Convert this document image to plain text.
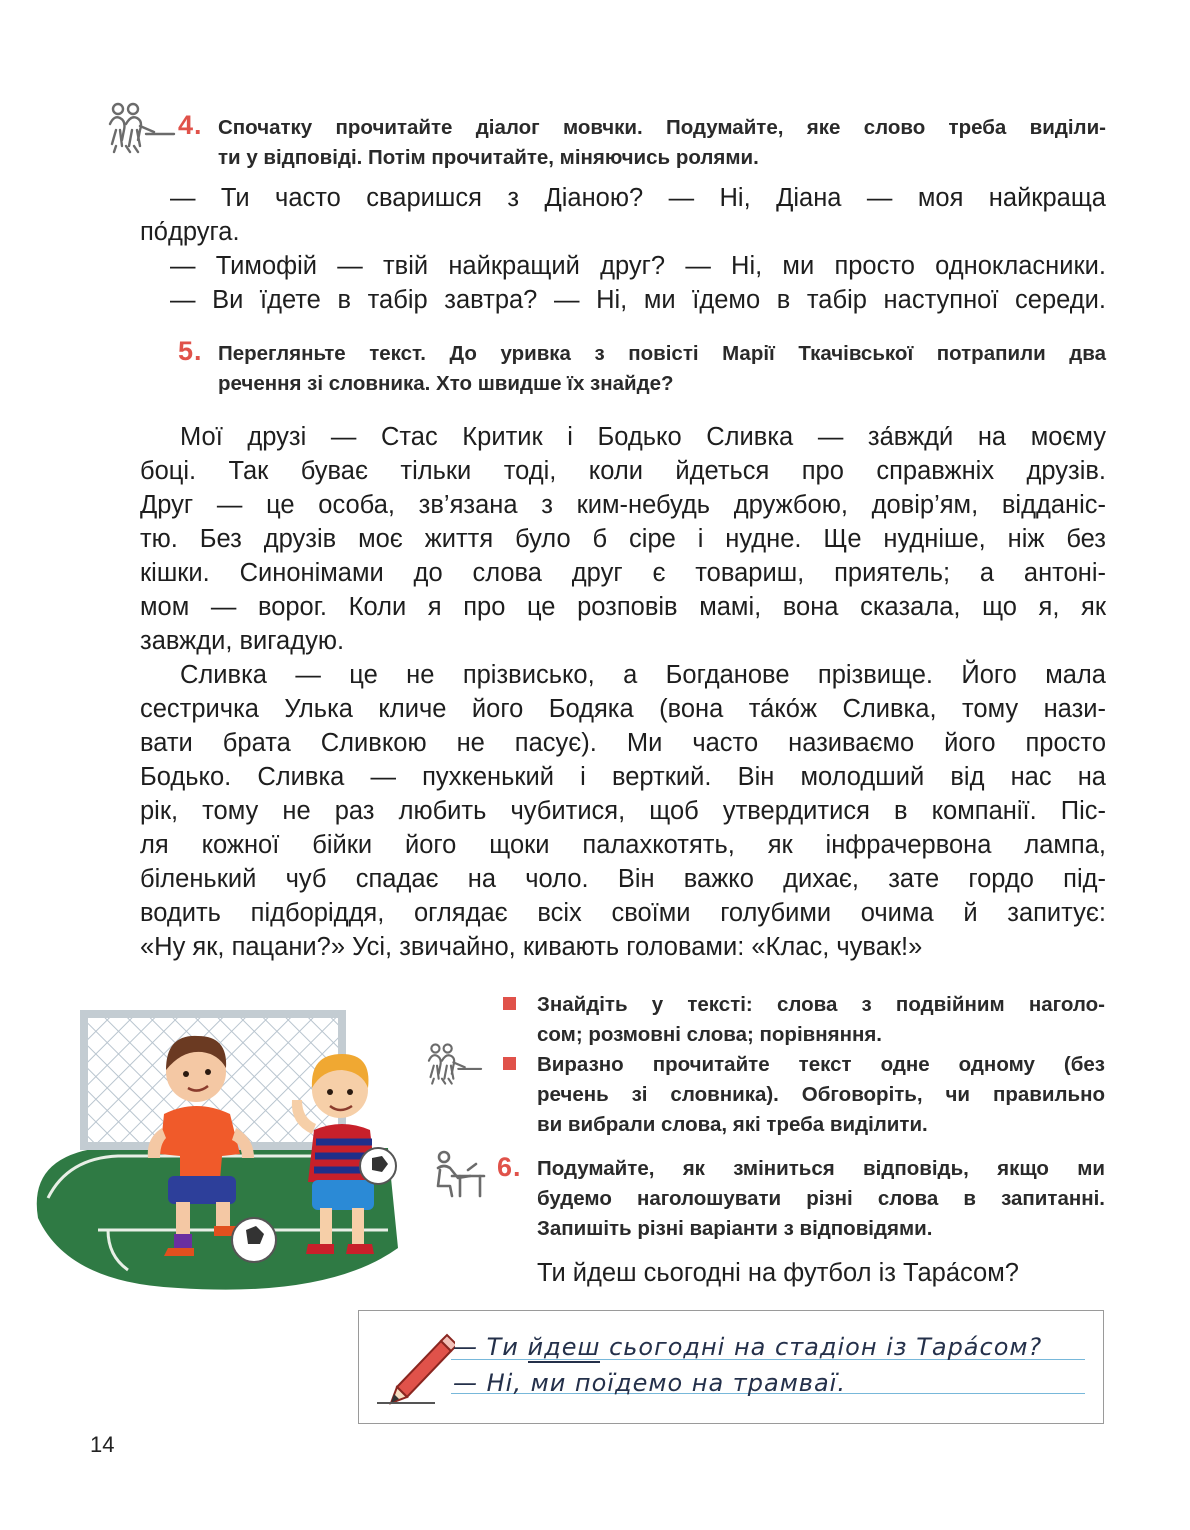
4. Спочатку прочитайте діалог мовчки. Подумайте, яке слово треба виділи-
ти у відповіді. Потім прочитайте, міняючись ролями.
— Ти часто сваришся з Діаною? — Ні, Діана — моя найкраща
по́друга.
— Тимофій — твій найкращий друг? — Ні, ми просто однокласники.
— Ви їдете в табір завтра? — Ні, ми їдемо в табір наступної середи.
5. Перегляньте текст. До уривка з повісті Марії Ткачівської потрапили два
речення зі словника. Хто швидше їх знайде?
Мої друзі — Стас Критик і Бодько Сливка — за́вжди́ на моєму
боці. Так буває тільки тоді, коли йдеться про справжніх друзів.
Друг — це особа, зв’язана з ким-небудь дружбою, довір’ям, відданіс-
тю. Без друзів моє життя було б сіре і нудне. Ще нудніше, ніж без
кішки. Синонімами до слова друг є товариш, приятель; а антоні-
мом — ворог. Коли я про це розповів мамі, вона сказала, що я, як
завжди, вигадую.
Сливка — це не прізвисько, а Богданове прізвище. Його мала
сестричка Улька кличе його Бодяка (вона та́ко́ж Сливка, тому нази-
вати брата Сливкою не пасує). Ми часто називаємо його просто
Бодько. Сливка — пухкенький і верткий. Він молодший від нас на
рік, тому не раз любить чубитися, щоб утвердитися в компанії. Піс-
ля кожної бійки його щоки палахкотять, як інфрачервона лампа,
біленький чуб спадає на чоло. Він важко дихає, зате гордо під-
водить підборіддя, оглядає всіх своїми голубими очима й запитує:
«Ну як, пацани?» Усі, звичайно, кивають головами: «Клас, чувак!»
Знайдіть у тексті: слова з подвійним наголо-
сом; розмовні слова; порівняння.
Виразно прочитайте текст одне одному (без
речень зі словника). Обговоріть, чи правильно
ви вибрали слова, які треба виділити.
6. Подумайте, як зміниться відповідь, якщо ми
будемо наголошувати різні слова в запитанні.
Запишіть різні варіанти з відповідями.
Ти йдеш сьогодні на футбол із Тара́сом?
— Ти йдеш сьогодні на стадіон із Тара́сом?
— Ні, ми поїдемо на трамваї.
14
